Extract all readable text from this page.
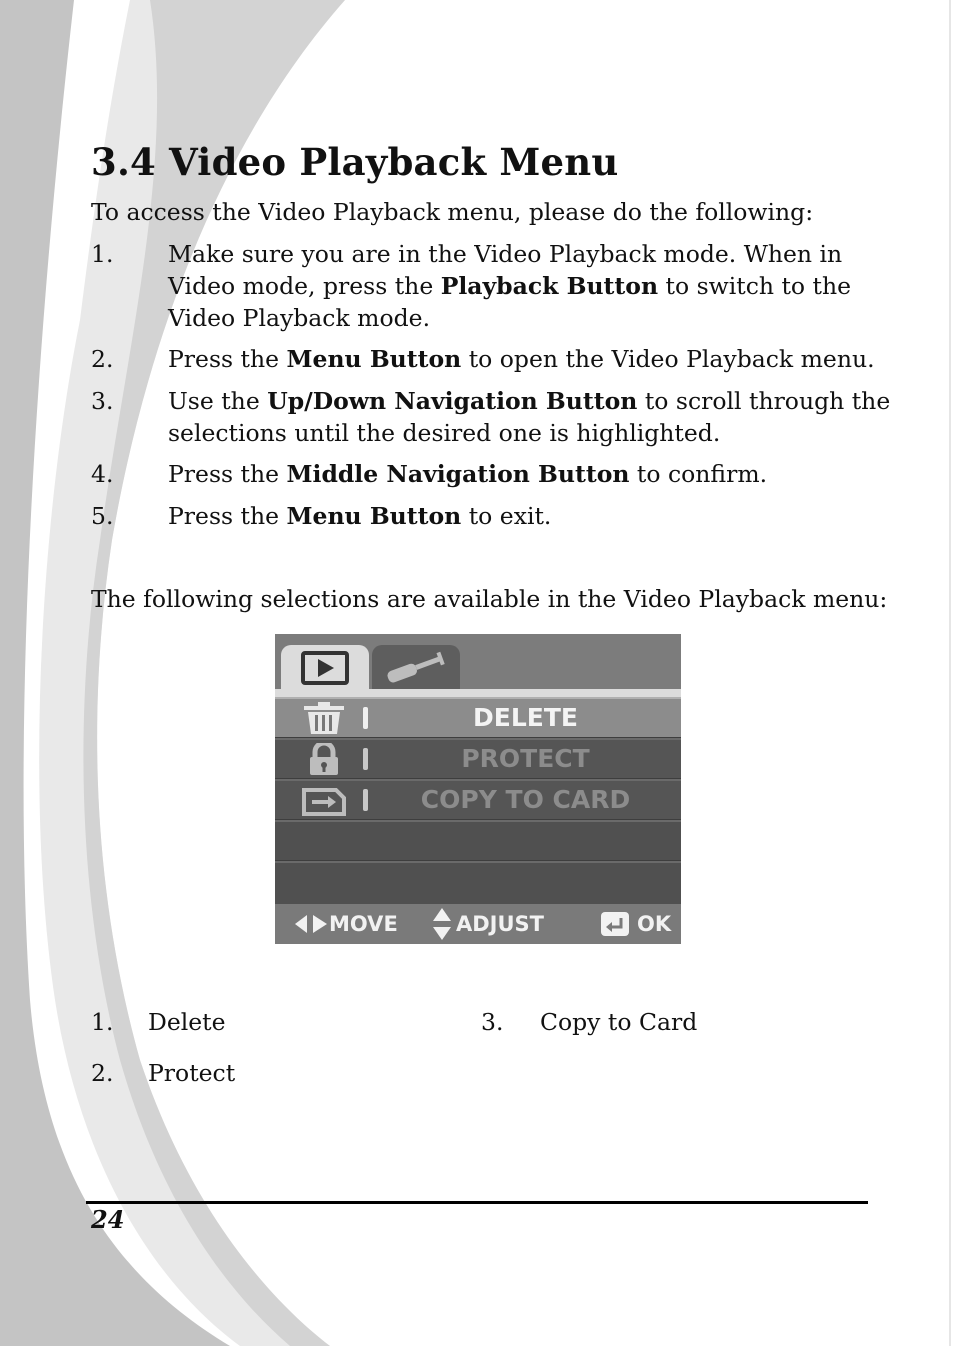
3.4 Video Playback Menu
To access the Video Playback menu, please do the following:
1. Make sure you are in the Video Playback mode. When in
Video mode, press the Playback Button to switch to the
Video Playback mode.
2. Press the Menu Button to open the Video Playback menu.
3. Use the Up/Down Navigation Button to scroll through the
selections until the desired one is highlighted.
4. Press the Middle Navigation Button to confirm.
5. Press the Menu Button to exit.
The following selections are available in the Video Playback menu:
DELETE
PROTECT
COPY TO CARD
MOVE	ADJUST	OK
1. Delete
2. Protect
3. Copy to Card
24
